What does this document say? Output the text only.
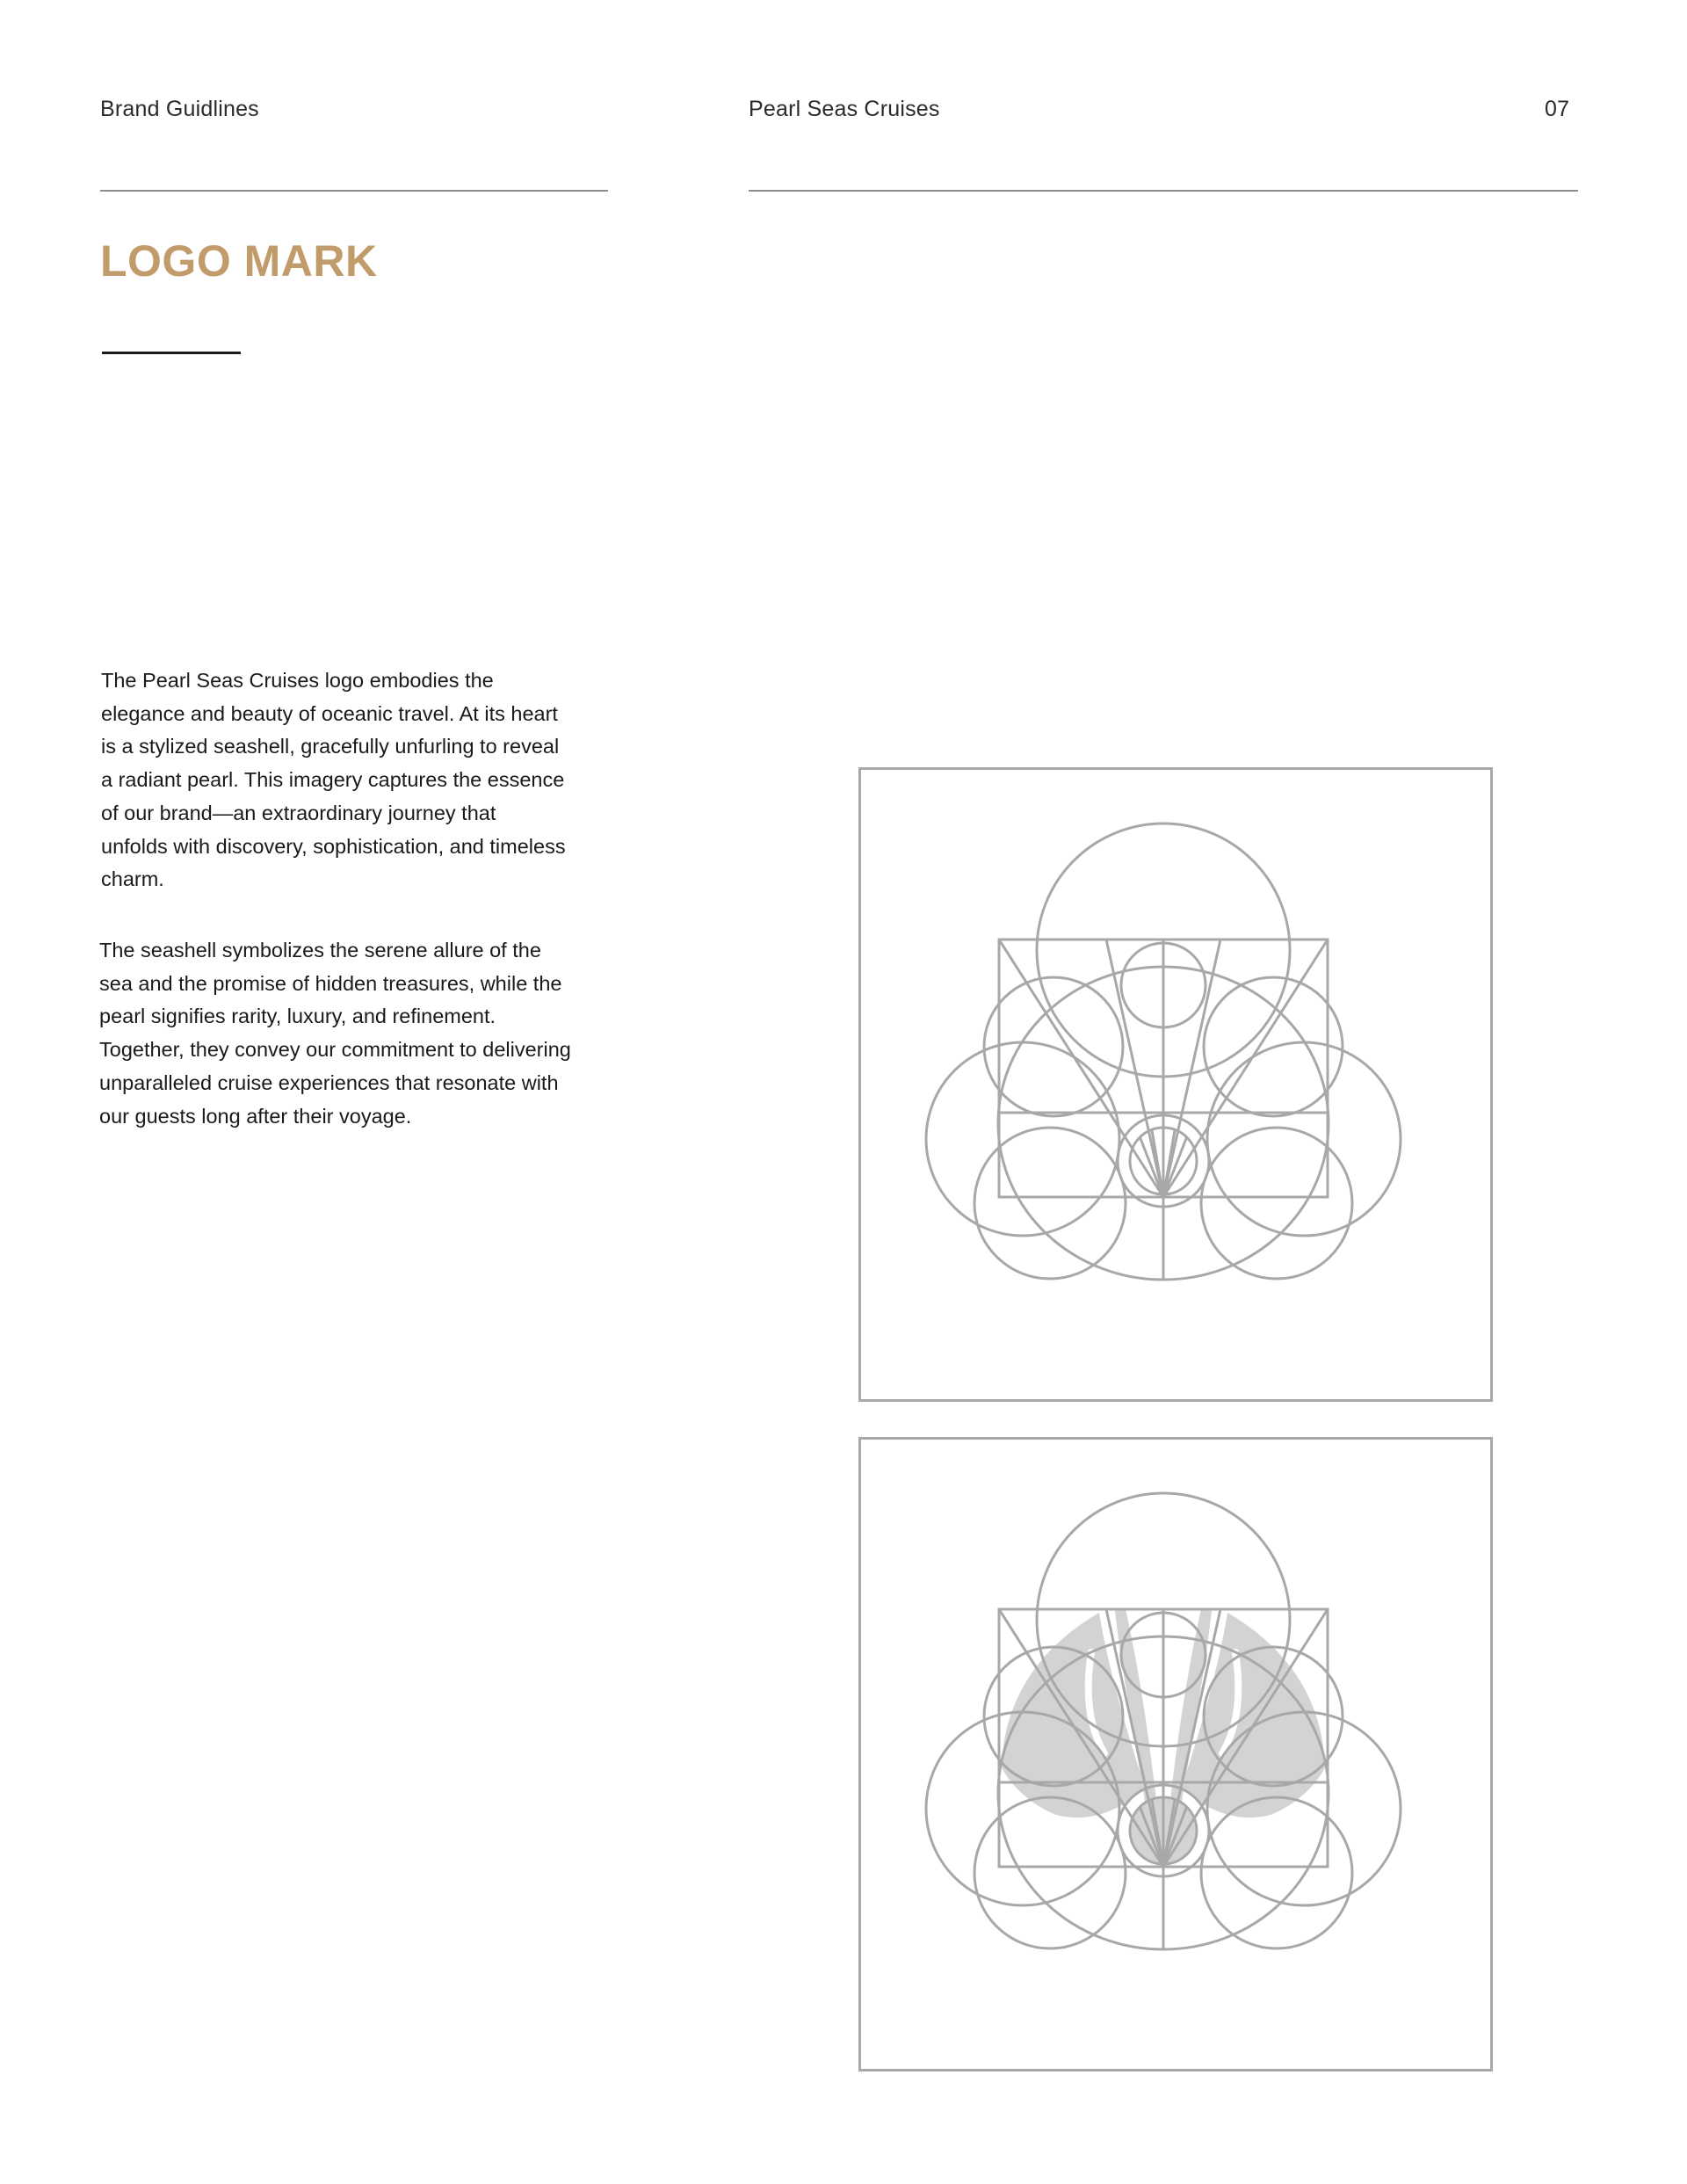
Brand Guidlines	Pearl Seas Cruises	07
LOGO MARK

The Pearl Seas Cruises logo embodies the elegance and beauty of oceanic travel. At its heart is a stylized seashell, gracefully unfurling to reveal a radiant pearl. This imagery captures the essence of our brand—an extraordinary journey that unfolds with discovery, sophistication, and timeless charm.

The seashell symbolizes the serene allure of the sea and the promise of hidden treasures, while the pearl signifies rarity, luxury, and refinement. Together, they convey our commitment to delivering unparalleled cruise experiences that resonate with our guests long after their voyage.
